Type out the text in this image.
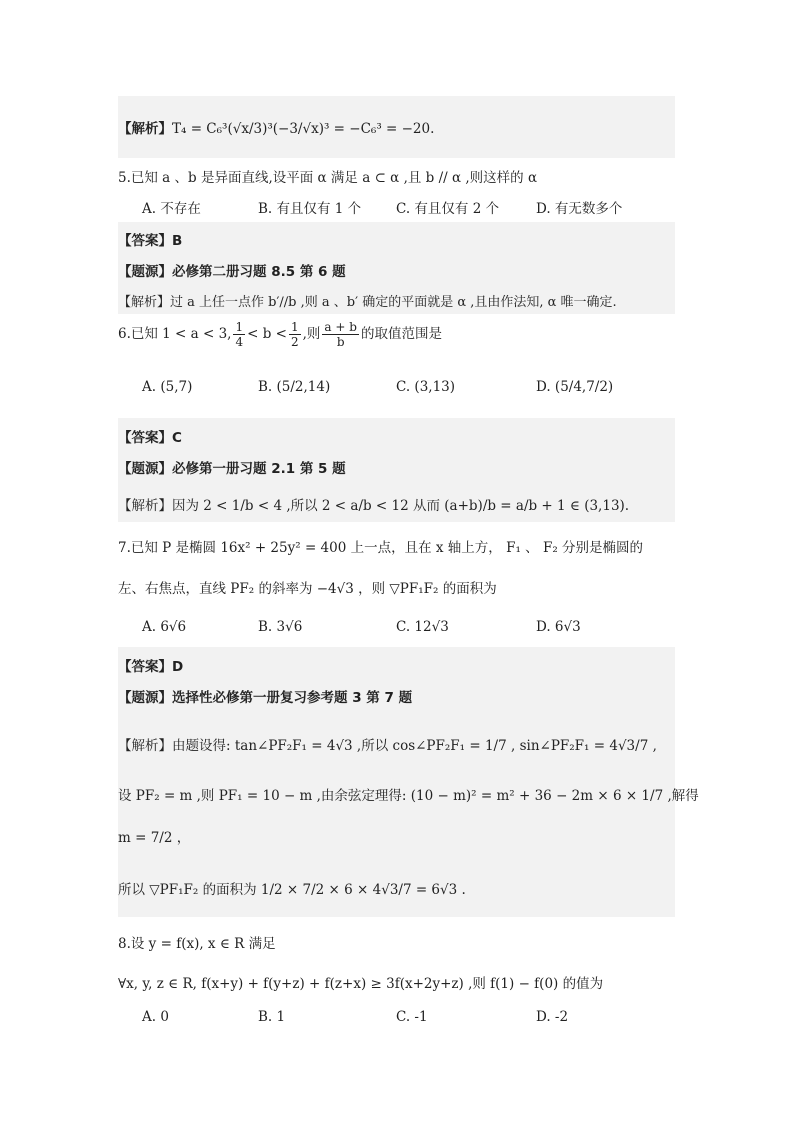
【解析】T₄ = C₆³(√x/3)³(−3/√x)³ = −C₆³ = −20.
5.已知 a 、b 是异面直线,设平面 α 满足 a ⊂ α ,且 b // α ,则这样的 α
A. 不存在	B. 有且仅有 1 个	C. 有且仅有 2 个	D. 有无数多个
【答案】B
【题源】必修第二册习题 8.5 第 6 题
【解析】过 a 上任一点作 b′//b ,则 a 、b′ 确定的平面就是 α ,且由作法知, α 唯一确定.
6.已知 1 < a < 3, $\frac{1}{4} < b < \frac{1}{2}$ ,则 $\frac{a + b}{b}$ 的取值范围是
A. (5,7)	B. (5/2,14)	C. (3,13)	D. (5/4,7/2)
【答案】C
【题源】必修第一册习题 2.1 第 5 题
【解析】因为 2 < 1/b < 4 ,所以 2 < a/b < 12 从而 (a+b)/b = a/b + 1 ∈ (3,13).
7.已知 P 是椭圆 16x² + 25y² = 400 上一点，且在 x 轴上方， F₁ 、 F₂ 分别是椭圆的
左、右焦点，直线 PF₂ 的斜率为 −4√3 ，则 ▽PF₁F₂ 的面积为
A. 6√6	B. 3√6	C. 12√3	D. 6√3
【答案】D
【题源】选择性必修第一册复习参考题 3 第 7 题
【解析】由题设得: tan∠PF₂F₁ = 4√3 ,所以 cos∠PF₂F₁ = 1/7 , sin∠PF₂F₁ = 4√3/7 ,
设 PF₂ = m ,则 PF₁ = 10 − m ,由余弦定理得: (10 − m)² = m² + 36 − 2m × 6 × 1/7 ,解得
m = 7/2 ，
所以 ▽PF₁F₂ 的面积为 1/2 × 7/2 × 6 × 4√3/7 = 6√3 .
8.设 y = f(x), x ∈ R 满足
∀x, y, z ∈ R, f(x+y) + f(y+z) + f(z+x) ≥ 3f(x+2y+z) ,则 f(1) − f(0) 的值为
A. 0	B. 1	C. -1	D. -2
